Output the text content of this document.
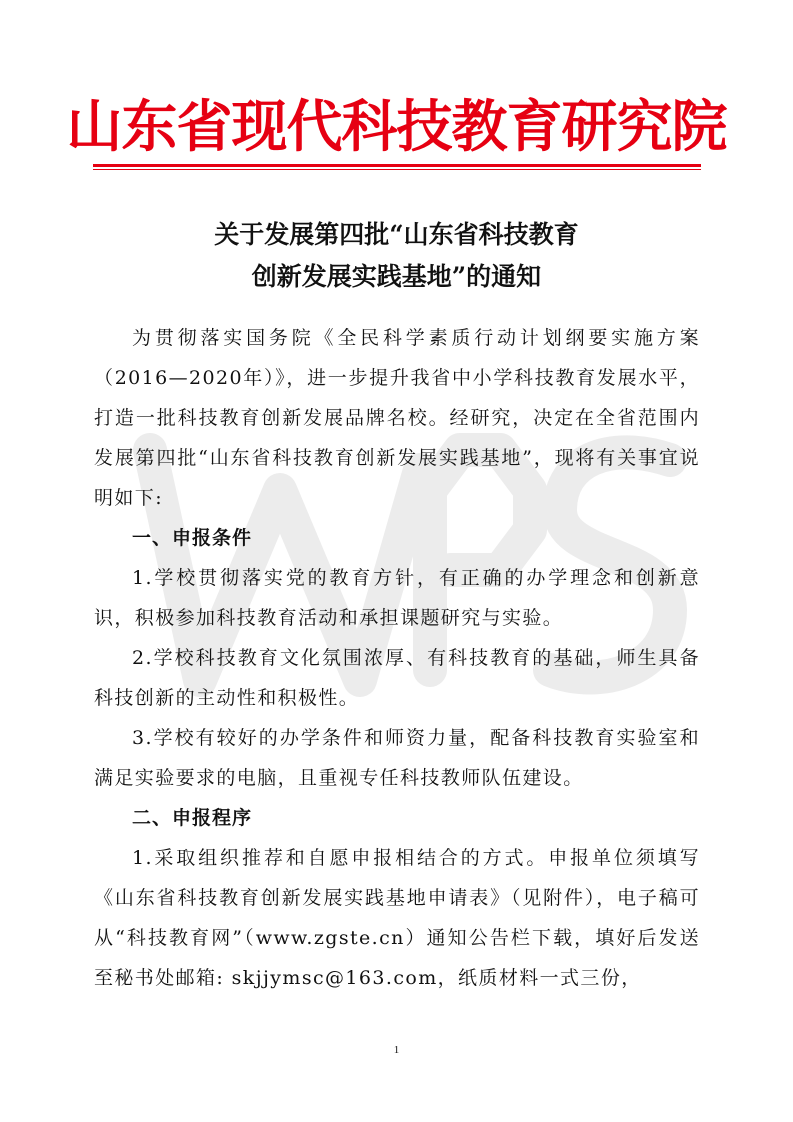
山东省现代科技教育研究院
关于发展第四批“山东省科技教育
创新发展实践基地”的通知

为贯彻落实国务院《全民科学素质行动计划纲要实施方案（2016—2020年）》，进一步提升我省中小学科技教育发展水平，打造一批科技教育创新发展品牌名校。经研究，决定在全省范围内发展第四批“山东省科技教育创新发展实践基地”，现将有关事宜说明如下:

一、申报条件

1.学校贯彻落实党的教育方针，有正确的办学理念和创新意识，积极参加科技教育活动和承担课题研究与实验。

2.学校科技教育文化氛围浓厚、有科技教育的基础，师生具备科技创新的主动性和积极性。

3.学校有较好的办学条件和师资力量，配备科技教育实验室和满足实验要求的电脑，且重视专任科技教师队伍建设。

二、申报程序

1.采取组织推荐和自愿申报相结合的方式。申报单位须填写《山东省科技教育创新发展实践基地申请表》（见附件），电子稿可从“科技教育网”（www.zgste.cn）通知公告栏下载，填好后发送至秘书处邮箱: skjjymsc@163.com，纸质材料一式三份，

1
